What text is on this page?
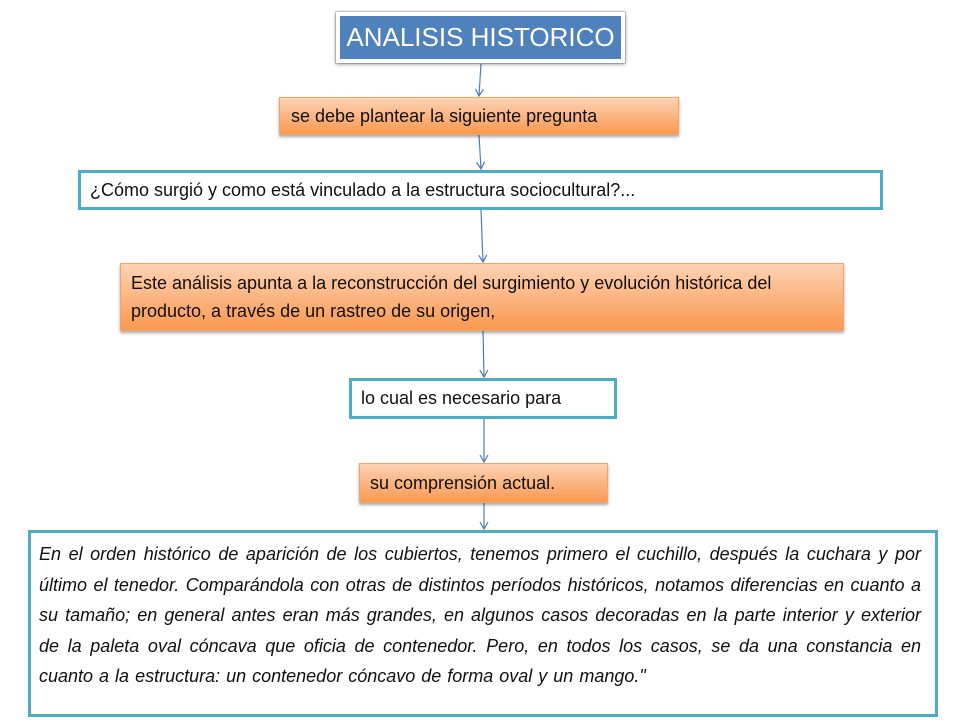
ANALISIS HISTORICO
se debe plantear la siguiente pregunta
¿Cómo surgió y como está vinculado a la estructura sociocultural?...
Este análisis apunta a la reconstrucción del surgimiento y evolución histórica del producto, a través de un rastreo de su origen,
lo cual es necesario para
su comprensión actual.
En el orden histórico de aparición de los cubiertos, tenemos primero el cuchillo, después la cuchara y por último el tenedor. Comparándola con otras de distintos períodos históricos, notamos diferencias en cuanto a su tamaño; en general antes eran más grandes, en algunos casos decoradas en la parte interior y exterior de la paleta oval cóncava que oficia de contenedor. Pero, en todos los casos, se da una constancia en cuanto a la estructura: un contenedor cóncavo de forma oval y un mango."
